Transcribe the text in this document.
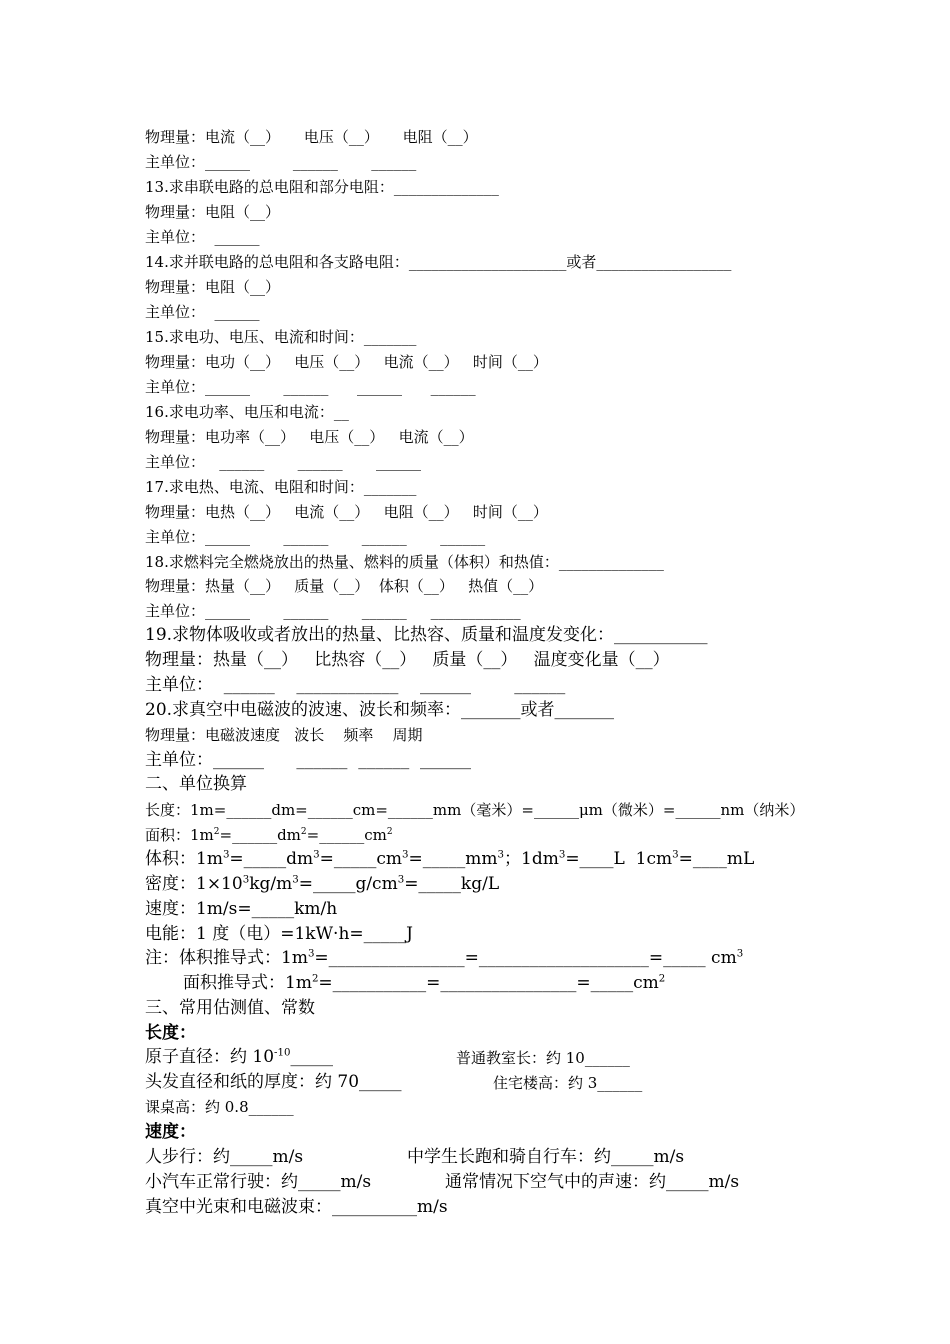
物理量：电流（__）     电压（__）     电阻（__）
主单位：______         ______       ______
13.求串联电路的总电阻和部分电阻：______________
物理量：电阻（__）
主单位：  ______
14.求并联电路的总电阻和各支路电阻：_____________________或者__________________
物理量：电阻（__）
主单位：  ______
15.求电功、电压、电流和时间：_______
物理量：电功（__）   电压（__）   电流（__）   时间（__）
主单位：______       ______      ______      ______
16.求电功率、电压和电流：__
物理量：电功率（__）   电压（__）   电流（__）
主单位：   ______       ______       ______
17.求电热、电流、电阻和时间：_______
物理量：电热（__）   电流（__）   电阻（__）   时间（__）
主单位：______       ______       ______       ______
18.求燃料完全燃烧放出的热量、燃料的质量（体积）和热值：______________
物理量：热量（__）   质量（__）  体积（__）   热值（__）
主单位：______       ______       ______     ____________
19.求物体吸收或者放出的热量、比热容、质量和温度发变化：___________
物理量：热量（__）   比热容（__）   质量（__）   温度变化量（__）
主单位：  ______    ____________    ______        ______
20.求真空中电磁波的波速、波长和频率：_______或者_______
物理量：电磁波速度   波长    频率    周期
主单位：______      ______  ______  ______
二、单位换算
长度：1m=______dm=______cm=______mm（毫米）=______μm（微米）=______nm（纳米）
面积：$1m^2=\_\_\_\_\_\_dm^2=\_\_\_\_\_\_cm^2$
体积：$1m^3=\_\_\_\_\_dm^3=\_\_\_\_\_cm^3=\_\_\_\_\_mm^3$；$1dm^3=\_\_\_\_L$  $1cm^3=\_\_\_\_mL$
密度：$1\times 10^3kg/m^3=\_\_\_\_\_g/cm^3=\_\_\_\_\_kg/L$
速度：1m/s=_____km/h
电能：1 度（电）=1kW·h=_____J
注：体积推导式：$1m^3=\_\_\_\_\_\_\_\_\_\_\_\_\_\_\_\_=\_\_\_\_\_\_\_\_\_\_\_\_\_\_\_\_\_\_\_\_=\_\_\_\_\_$ $cm^3$
面积推导式：$1m^2=\_\_\_\_\_\_\_\_\_\_\_=\_\_\_\_\_\_\_\_\_\_\_\_\_\_\_\_=\_\_\_\_\_cm^2$
三、常用估测值、常数
长度：
原子直径：约 $10^{-10}\_\_\_\_\_$	普通教室长：约 10______
头发直径和纸的厚度：约 70_____	住宅楼高：约 3______
课桌高：约 0.8______
速度：
人步行：约_____m/s	中学生长跑和骑自行车：约_____m/s
小汽车正常行驶：约_____m/s	通常情况下空气中的声速：约_____m/s
真空中光束和电磁波束：__________m/s
